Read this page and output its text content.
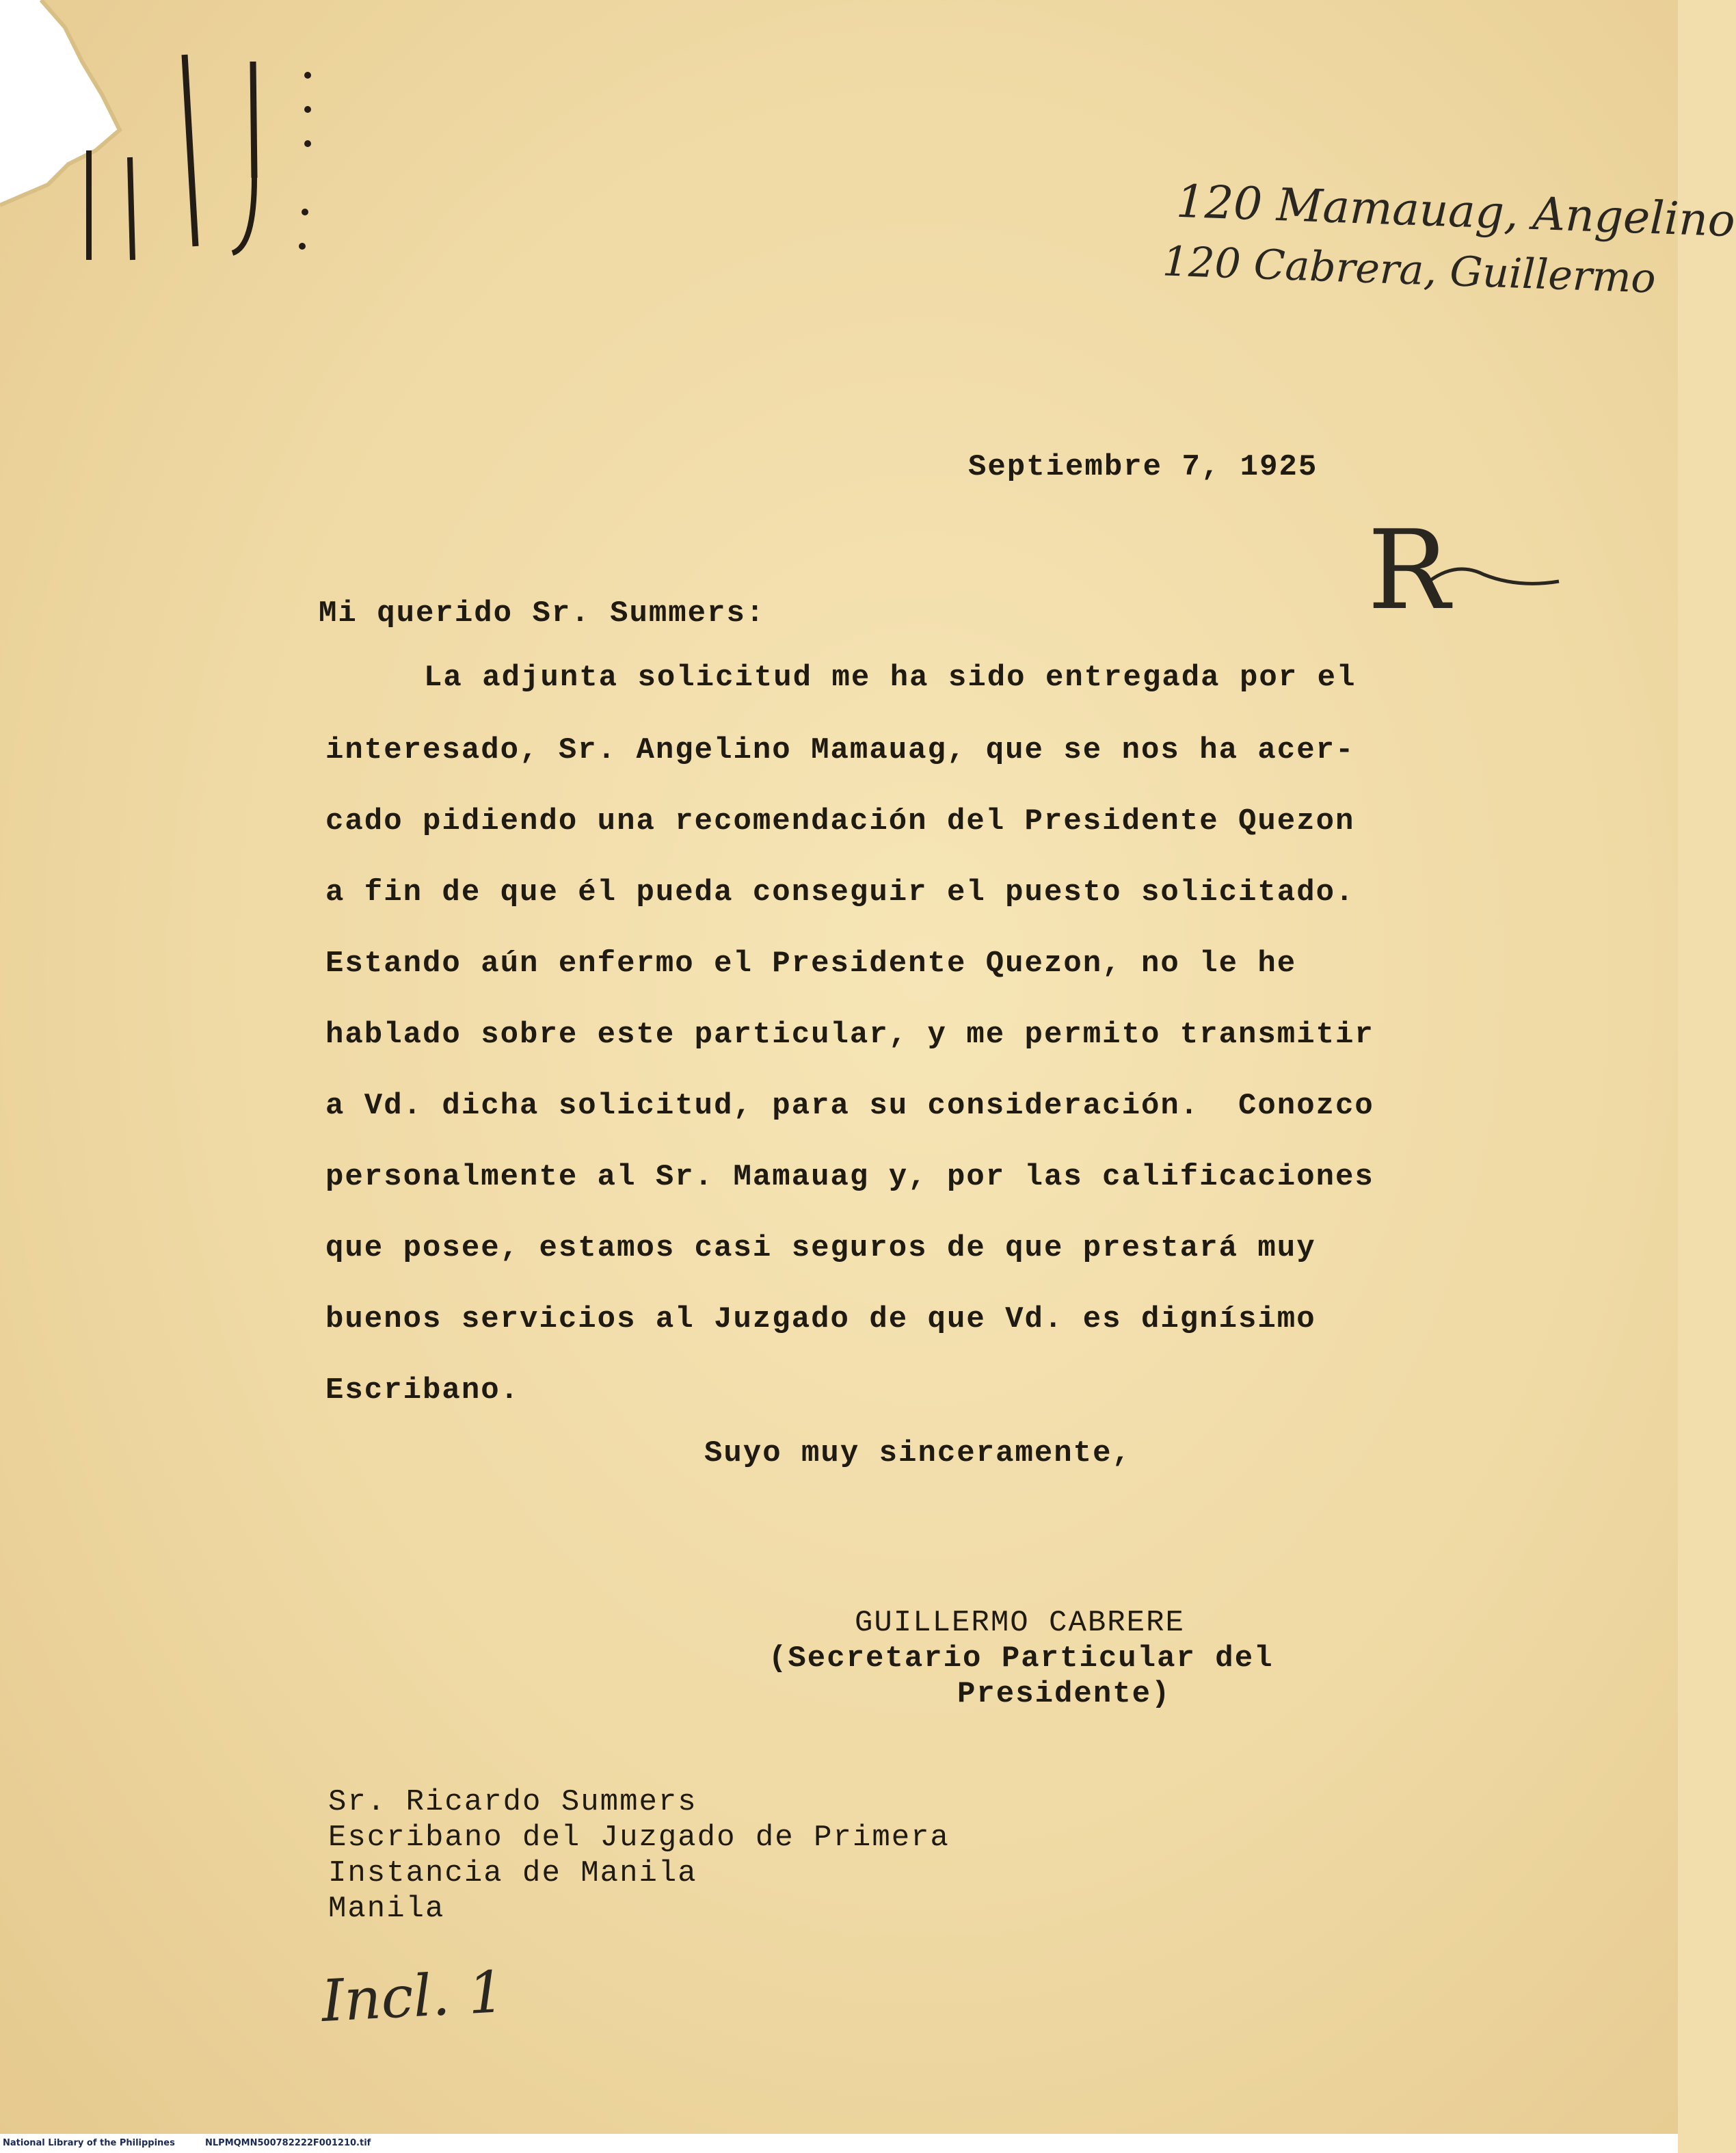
120 Mamauag, Angelino
120 Cabrera, Guillermo
R
Septiembre 7, 1925
Mi querido Sr. Summers:
La adjunta solicitud me ha sido entregada por el
interesado, Sr. Angelino Mamauag, que se nos ha acer-
cado pidiendo una recomendación del Presidente Quezon
a fin de que él pueda conseguir el puesto solicitado.
Estando aún enfermo el Presidente Quezon, no le he
hablado sobre este particular, y me permito transmitir
a Vd. dicha solicitud, para su consideración.  Conozco
personalmente al Sr. Mamauag y, por las calificaciones
que posee, estamos casi seguros de que prestará muy
buenos servicios al Juzgado de que Vd. es dignísimo
Escribano.
Suyo muy sinceramente,
GUILLERMO CABRERE
(Secretario Particular del
Presidente)
Sr. Ricardo Summers
Escribano del Juzgado de Primera
Instancia de Manila
Manila
Incl. 1
National Library of the Philippines	NLPMQMN500782222F001210.tif
